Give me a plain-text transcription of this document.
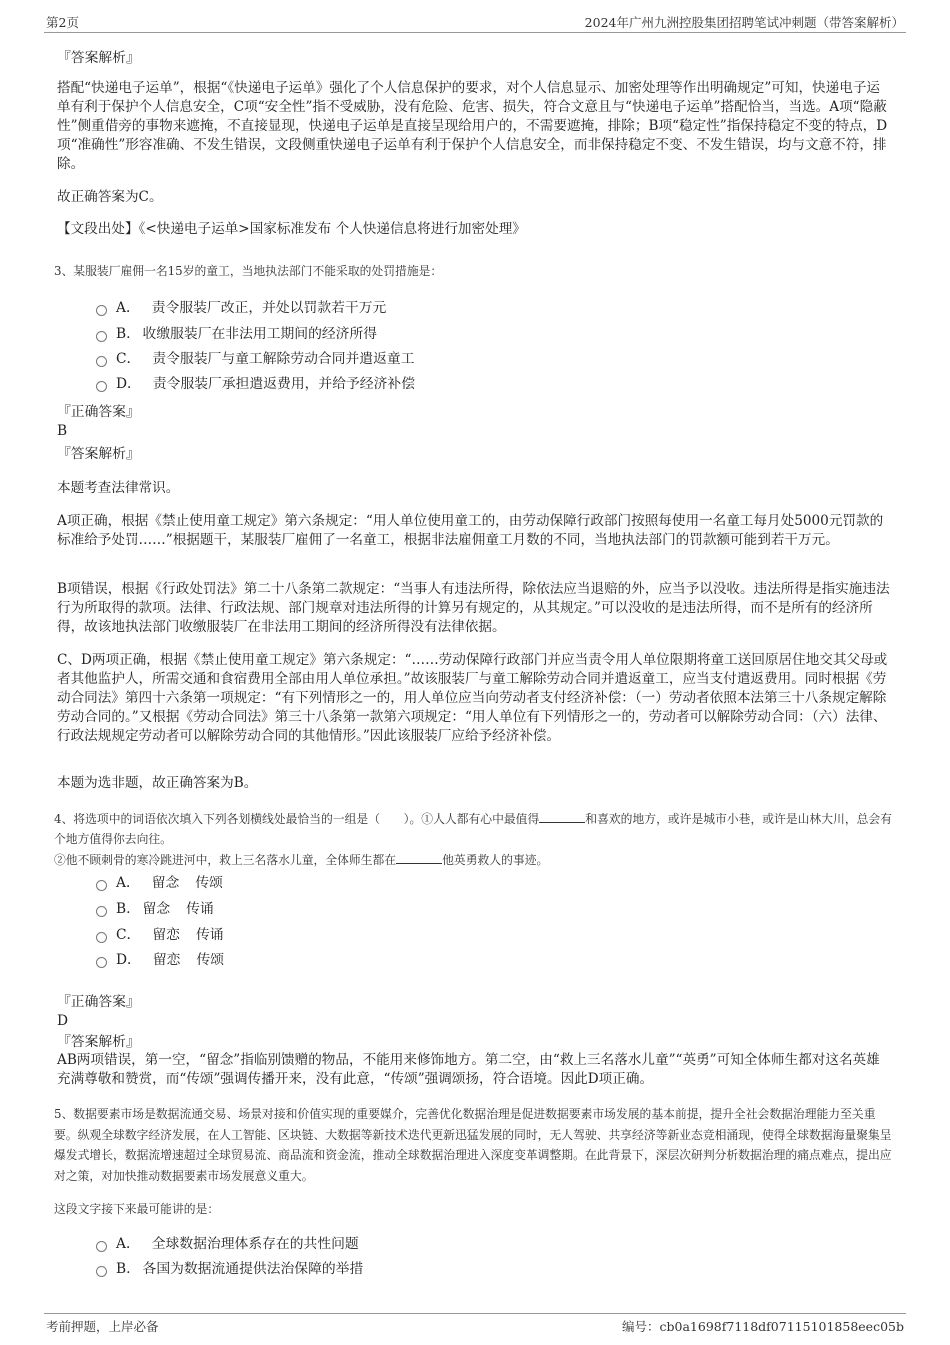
第2页	2024年广州九洲控股集团招聘笔试冲刺题（带答案解析）
『答案解析』
搭配“快递电子运单”，根据“《快递电子运单》强化了个人信息保护的要求，对个人信息显示、加密处理等作出明确规定”可知，快递电子运单有利于保护个人信息安全，C项“安全性”指不受威胁，没有危险、危害、损失，符合文意且与“快递电子运单”搭配恰当，当选。A项“隐蔽性”侧重借旁的事物来遮掩，不直接显现，快递电子运单是直接呈现给用户的，不需要遮掩，排除；B项“稳定性”指保持稳定不变的特点，D项“准确性”形容准确、不发生错误，文段侧重快递电子运单有利于保护个人信息安全，而非保持稳定不变、不发生错误，均与文意不符，排除。
故正确答案为C。
【文段出处】《<快递电子运单>国家标准发布 个人快递信息将进行加密处理》
3、某服装厂雇佣一名15岁的童工，当地执法部门不能采取的处罚措施是：
A． 责令服装厂改正，并处以罚款若干万元
B. 收缴服装厂在非法用工期间的经济所得
C． 责令服装厂与童工解除劳动合同并遣返童工
D． 责令服装厂承担遣返费用，并给予经济补偿
『正确答案』
B
『答案解析』
本题考查法律常识。
A项正确，根据《禁止使用童工规定》第六条规定：“用人单位使用童工的，由劳动保障行政部门按照每使用一名童工每月处5000元罚款的标准给予处罚……”根据题干，某服装厂雇佣了一名童工，根据非法雇佣童工月数的不同，当地执法部门的罚款额可能到若干万元。
B项错误，根据《行政处罚法》第二十八条第二款规定：“当事人有违法所得，除依法应当退赔的外，应当予以没收。违法所得是指实施违法行为所取得的款项。法律、行政法规、部门规章对违法所得的计算另有规定的，从其规定。”可以没收的是违法所得，而不是所有的经济所得，故该地执法部门收缴服装厂在非法用工期间的经济所得没有法律依据。
C、D两项正确，根据《禁止使用童工规定》第六条规定：“……劳动保障行政部门并应当责令用人单位限期将童工送回原居住地交其父母或者其他监护人，所需交通和食宿费用全部由用人单位承担。”故该服装厂与童工解除劳动合同并遣返童工，应当支付遣返费用。同时根据《劳动合同法》第四十六条第一项规定：“有下列情形之一的，用人单位应当向劳动者支付经济补偿：（一）劳动者依照本法第三十八条规定解除劳动合同的。”又根据《劳动合同法》第三十八条第一款第六项规定：“用人单位有下列情形之一的，劳动者可以解除劳动合同：（六）法律、行政法规规定劳动者可以解除劳动合同的其他情形。”因此该服装厂应给予经济补偿。
本题为选非题，故正确答案为B。
4、将选项中的词语依次填入下列各划横线处最恰当的一组是（　　）。①人人都有心中最值得	和喜欢的地方，或许是城市小巷，或许是山林大川，总会有个地方值得你去向往。
②他不顾刺骨的寒冷跳进河中，救上三名落水儿童，全体师生都在	他英勇救人的事迹。
A． 留念 传颂
B. 留念 传诵
C． 留恋 传诵
D． 留恋 传颂
『正确答案』
D
『答案解析』
AB两项错误，第一空，“留念”指临别馈赠的物品，不能用来修饰地方。第二空，由“救上三名落水儿童”“英勇”可知全体师生都对这名英雄充满尊敬和赞赏，而“传颂”强调传播开来，没有此意，“传颂”强调颂扬，符合语境。因此D项正确。
5、数据要素市场是数据流通交易、场景对接和价值实现的重要媒介，完善优化数据治理是促进数据要素市场发展的基本前提，提升全社会数据治理能力至关重要。纵观全球数字经济发展，在人工智能、区块链、大数据等新技术迭代更新迅猛发展的同时，无人驾驶、共享经济等新业态竞相涌现，使得全球数据海量聚集呈爆发式增长，数据流增速超过全球贸易流、商品流和资金流，推动全球数据治理进入深度变革调整期。在此背景下，深层次研判分析数据治理的痛点难点，提出应对之策，对加快推动数据要素市场发展意义重大。
这段文字接下来最可能讲的是：
A． 全球数据治理体系存在的共性问题
B. 各国为数据流通提供法治保障的举措
考前押题，上岸必备	编号：cb0a1698f7118df07115101858eec05b
